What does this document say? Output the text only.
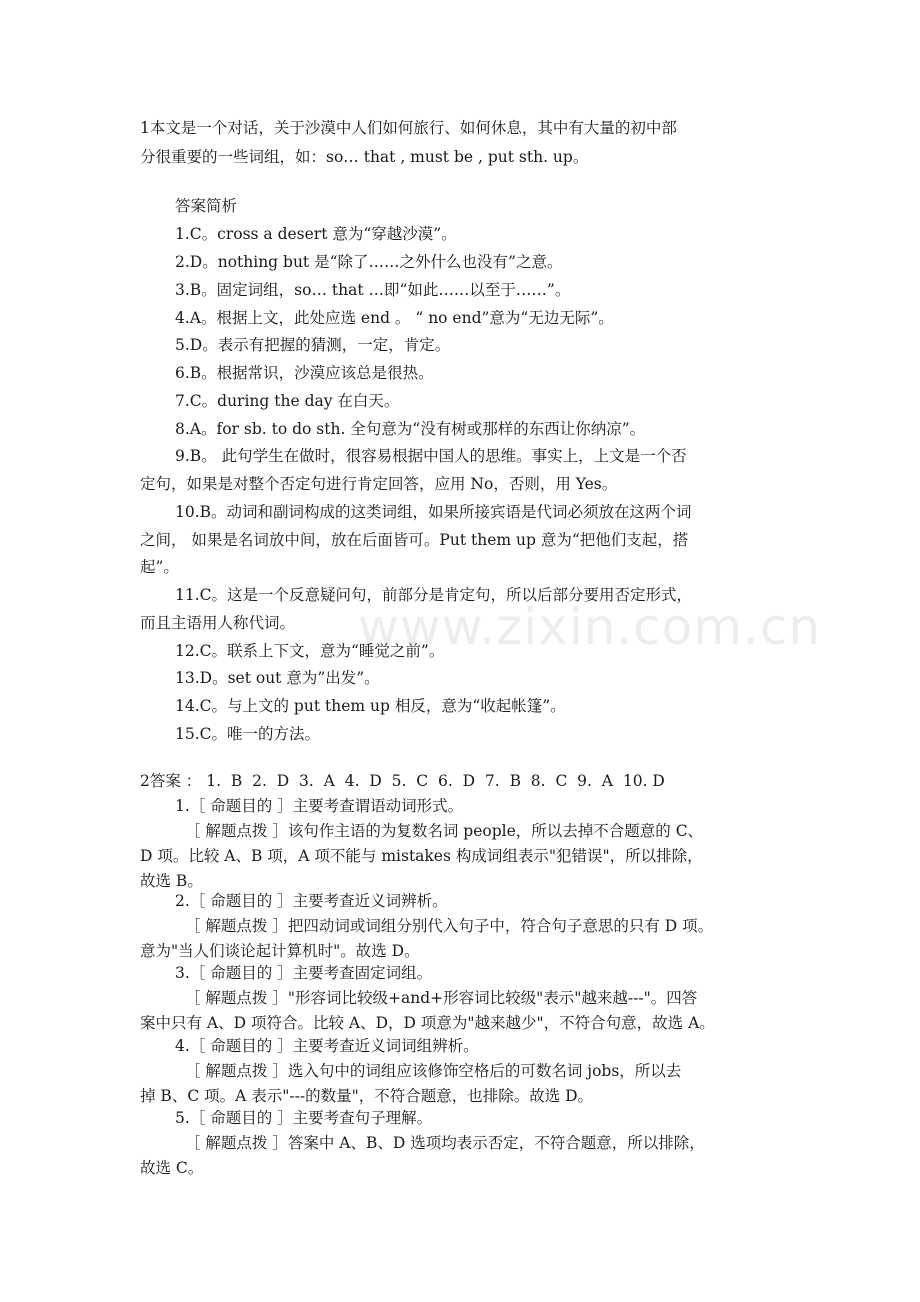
www.zixin.com.cn

1本文是一个对话，关于沙漠中人们如何旅行、如何休息，其中有大量的初中部

分很重要的一些词组，如：so… that , must be , put sth. up。

答案简析

1.C。cross a desert 意为“穿越沙漠”。

2.D。nothing but 是“除了……之外什么也没有”之意。

3.B。固定词组，so… that …即“如此……以至于……”。

4.A。根据上文，此处应选 end 。 “ no end”意为“无边无际”。

5.D。表示有把握的猜测，一定，肯定。

6.B。根据常识，沙漠应该总是很热。

7.C。during the day 在白天。

8.A。for sb. to do sth. 全句意为“没有树或那样的东西让你纳凉”。

9.B。 此句学生在做时，很容易根据中国人的思维。事实上，上文是一个否

定句，如果是对整个否定句进行肯定回答，应用 No，否则，用 Yes。

10.B。动词和副词构成的这类词组，如果所接宾语是代词必须放在这两个词

之间， 如果是名词放中间，放在后面皆可。Put them up 意为“把他们支起，搭

起”。

11.C。这是一个反意疑问句，前部分是肯定句，所以后部分要用否定形式，

而且主语用人称代词。

12.C。联系上下文，意为“睡觉之前”。

13.D。set out 意为”出发”。

14.C。与上文的 put them up 相反，意为“收起帐篷”。

15.C。唯一的方法。

2答案 ： 1.  B  2.  D  3.  A  4.  D  5.  C  6.  D  7.  B  8.  C  9.  A  10. D

1.［ 命题目的 ］主要考查谓语动词形式。

［ 解题点拨 ］该句作主语的为复数名词 people，所以去掉不合题意的 C、

D 项。比较 A、B 项，A 项不能与 mistakes 构成词组表示"犯错误"，所以排除，

故选 B。

2.［ 命题目的 ］主要考查近义词辨析。

［ 解题点拨 ］把四动词或词组分别代入句子中，符合句子意思的只有 D 项。

意为"当人们谈论起计算机时"。故选 D。

3.［ 命题目的 ］主要考查固定词组。

［ 解题点拨 ］"形容词比较级+and+形容词比较级"表示"越来越---"。四答

案中只有 A、D 项符合。比较 A、D，D 项意为"越来越少"，不符合句意，故选 A。

4.［ 命题目的 ］主要考查近义词词组辨析。

［ 解题点拨 ］选入句中的词组应该修饰空格后的可数名词 jobs，所以去

掉 B、C 项。A 表示"---的数量"，不符合题意，也排除。故选 D。

5.［ 命题目的 ］主要考查句子理解。

［ 解题点拨 ］答案中 A、B、D 选项均表示否定，不符合题意，所以排除，

故选 C。
